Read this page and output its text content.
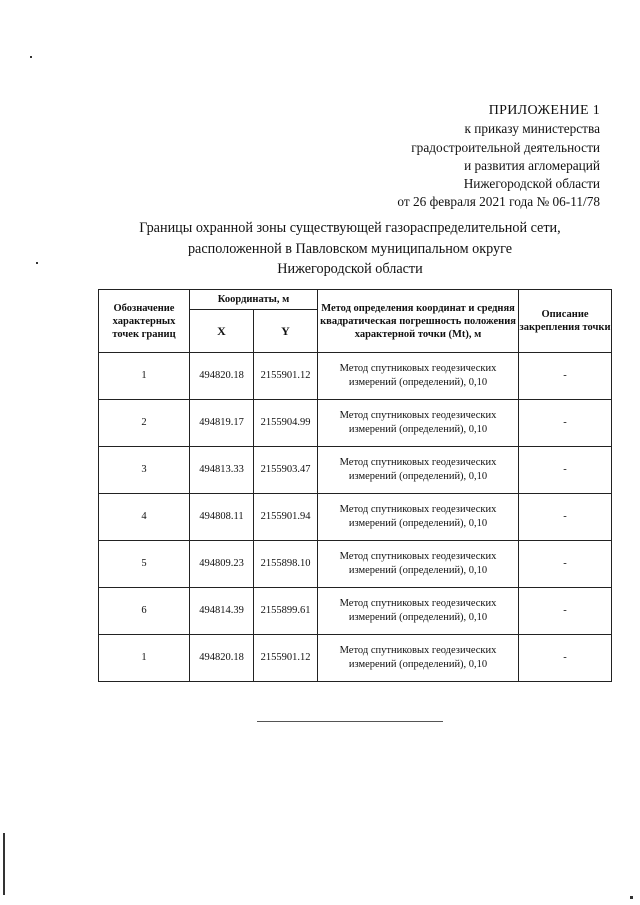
ПРИЛОЖЕНИЕ 1
к приказу министерства
градостроительной деятельности
и развития агломераций
Нижегородской области
от 26 февраля 2021 года № 06-11/78
Границы охранной зоны существующей газораспределительной сети,
расположенной в Павловском муниципальном округе
Нижегородской области
Обозначение характерных точек границ	Координаты, м		Метод определения координат и средняя квадратическая погрешность положения характерной точки (Mt), м	Описание закрепления точки
	X	Y		
1	494820.18	2155901.12	Метод спутниковых геодезических измерений (определений), 0,10	-
2	494819.17	2155904.99	Метод спутниковых геодезических измерений (определений), 0,10	-
3	494813.33	2155903.47	Метод спутниковых геодезических измерений (определений), 0,10	-
4	494808.11	2155901.94	Метод спутниковых геодезических измерений (определений), 0,10	-
5	494809.23	2155898.10	Метод спутниковых геодезических измерений (определений), 0,10	-
6	494814.39	2155899.61	Метод спутниковых геодезических измерений (определений), 0,10	-
1	494820.18	2155901.12	Метод спутниковых геодезических измерений (определений), 0,10	-
